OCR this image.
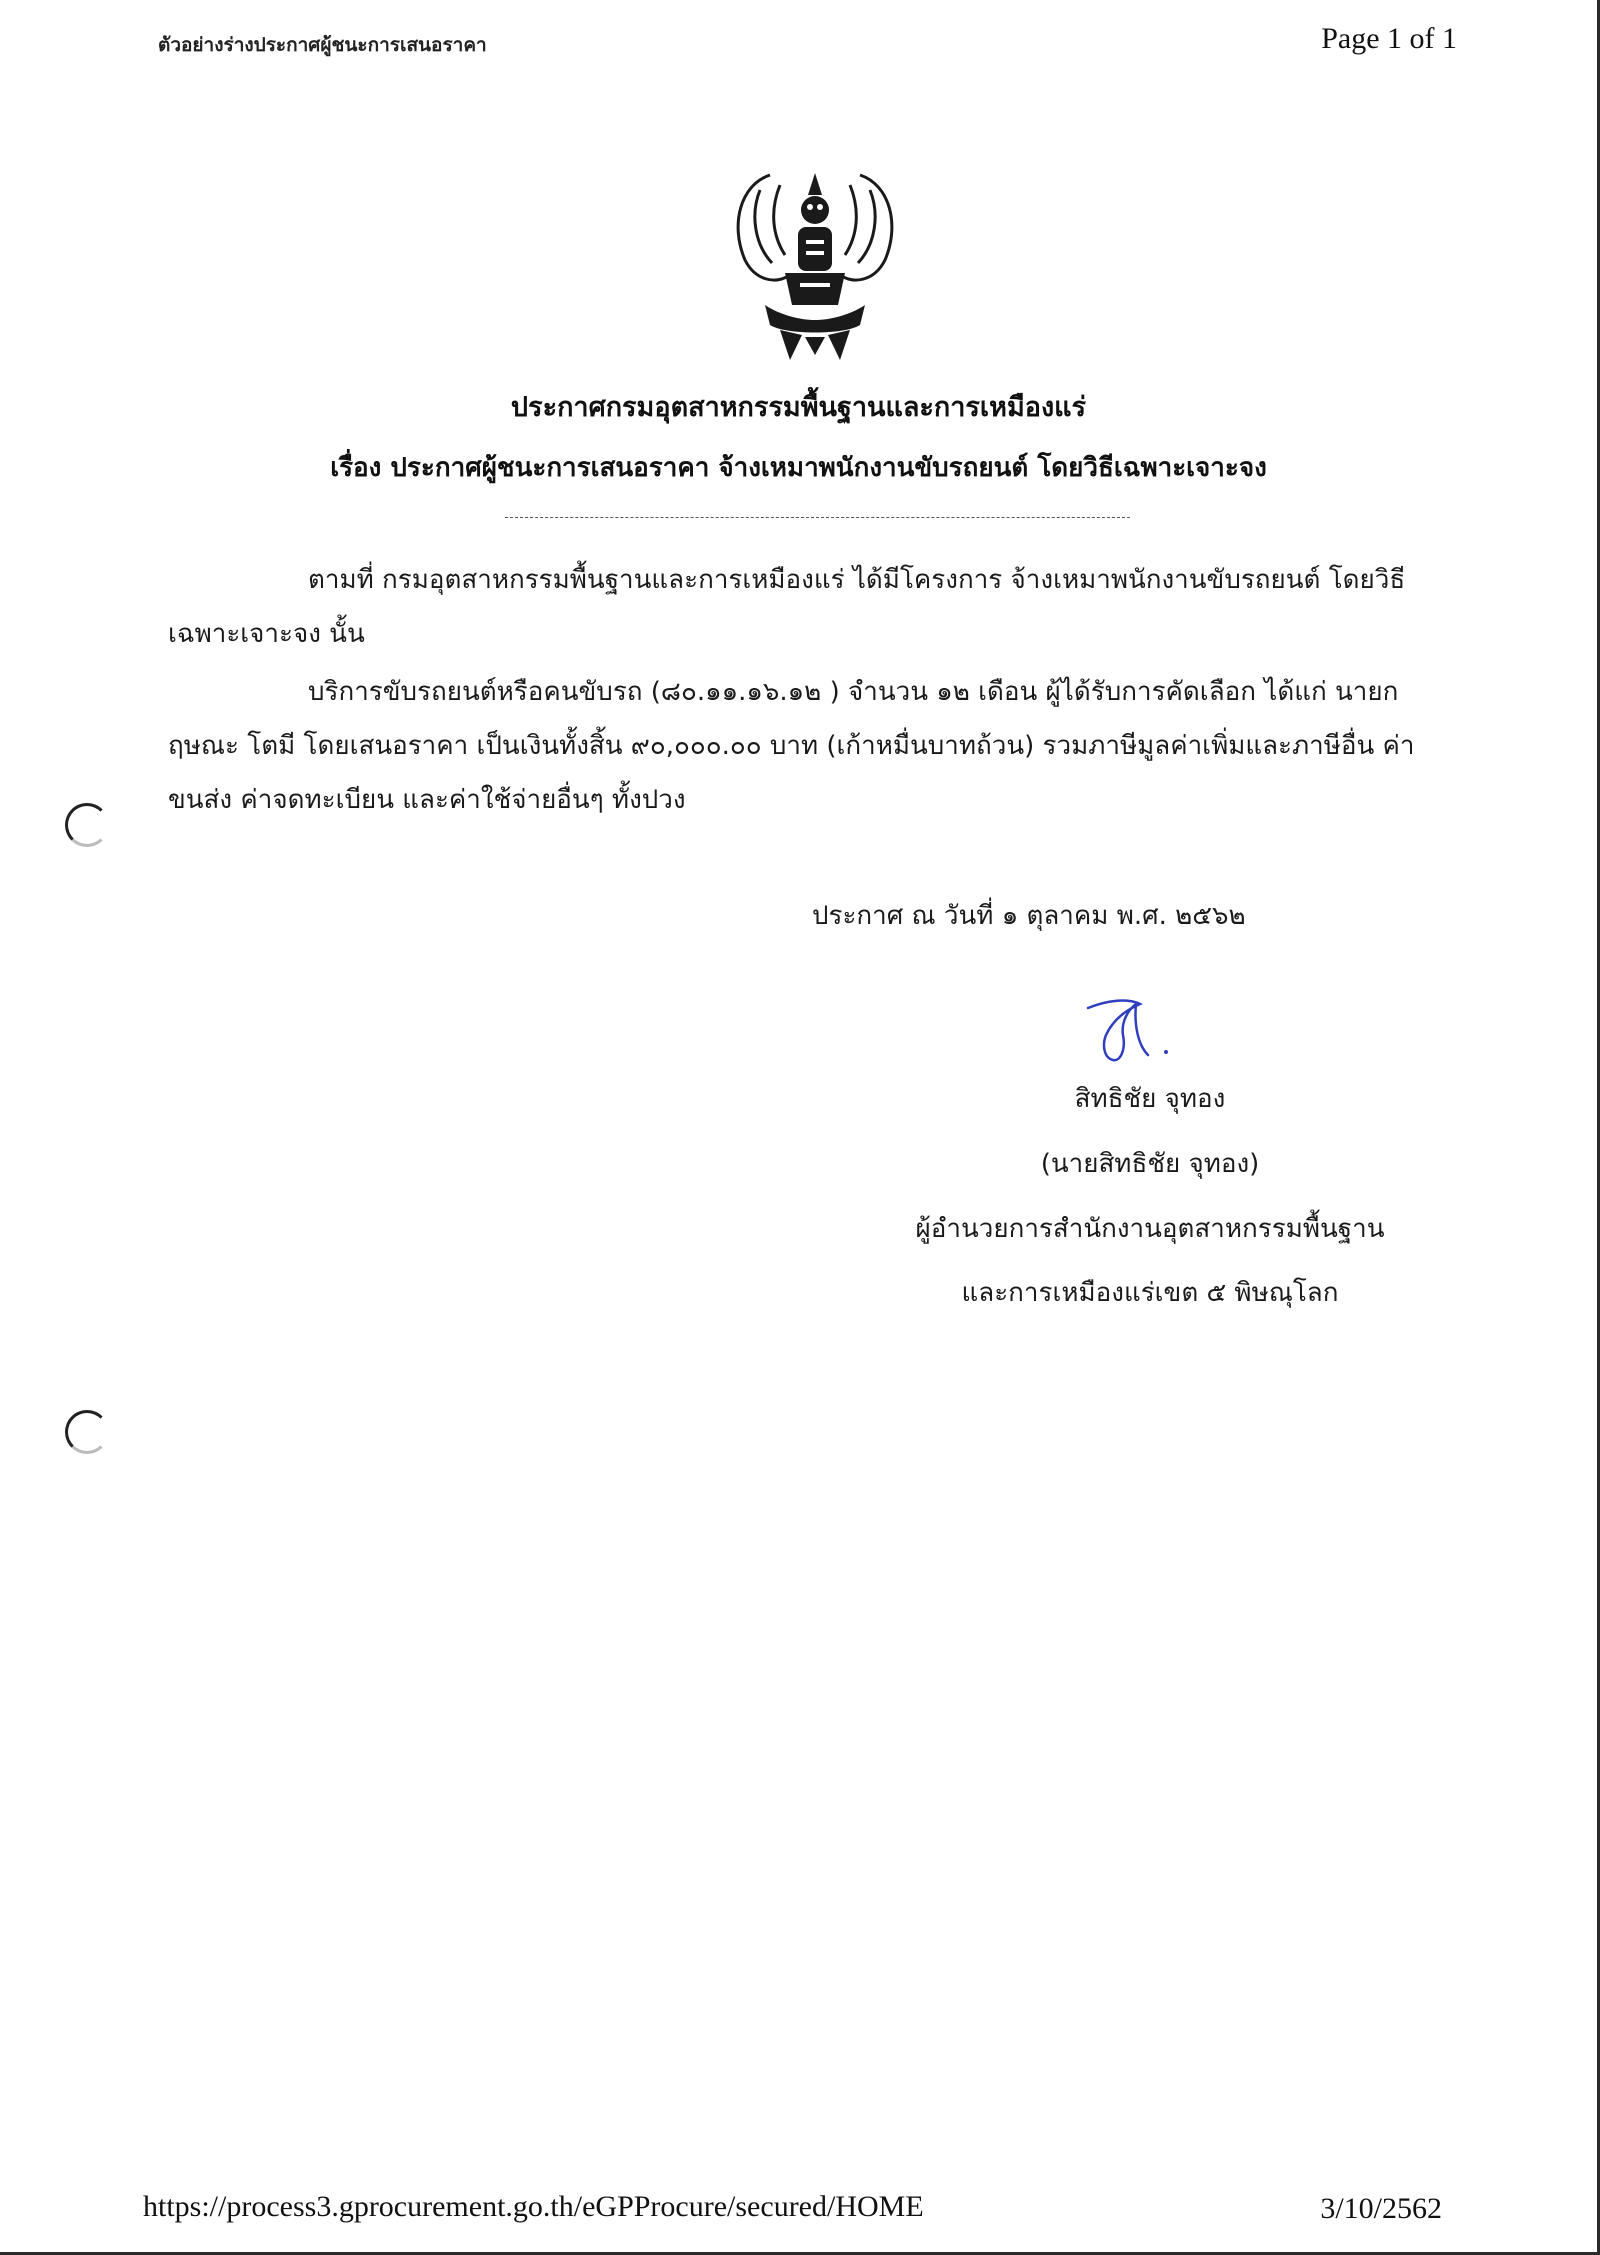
ตัวอย่างร่างประกาศผู้ชนะการเสนอราคา	Page 1 of 1
ประกาศกรมอุตสาหกรรมพื้นฐานและการเหมืองแร่
เรื่อง ประกาศผู้ชนะการเสนอราคา จ้างเหมาพนักงานขับรถยนต์ โดยวิธีเฉพาะเจาะจง
ตามที่ กรมอุตสาหกรรมพื้นฐานและการเหมืองแร่ ได้มีโครงการ จ้างเหมาพนักงานขับรถยนต์ โดยวิธี
เฉพาะเจาะจง นั้น
บริการขับรถยนต์หรือคนขับรถ (๘๐.๑๑.๑๖.๑๒ ) จำนวน ๑๒ เดือน ผู้ได้รับการคัดเลือก ได้แก่ นายก
ฤษณะ โตมี โดยเสนอราคา เป็นเงินทั้งสิ้น ๙๐,๐๐๐.๐๐ บาท (เก้าหมื่นบาทถ้วน) รวมภาษีมูลค่าเพิ่มและภาษีอื่น ค่า
ขนส่ง ค่าจดทะเบียน และค่าใช้จ่ายอื่นๆ ทั้งปวง
ประกาศ ณ วันที่ ๑ ตุลาคม พ.ศ. ๒๕๖๒
สิทธิชัย จุทอง
(นายสิทธิชัย จุทอง)
ผู้อำนวยการสำนักงานอุตสาหกรรมพื้นฐาน
และการเหมืองแร่เขต ๕ พิษณุโลก
https://process3.gprocurement.go.th/eGPProcure/secured/HOME	3/10/2562
